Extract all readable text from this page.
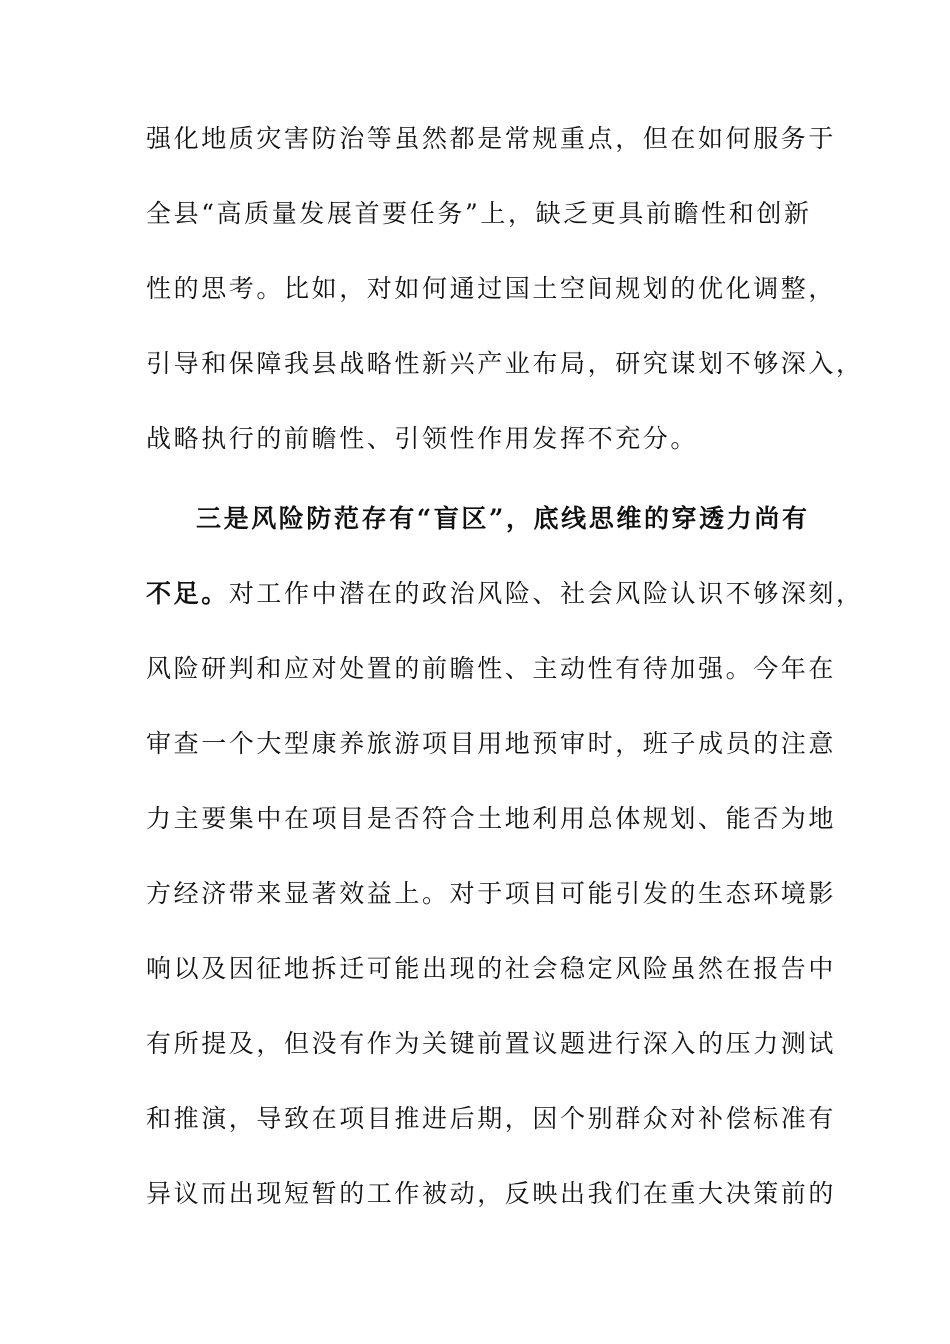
强化地质灾害防治等虽然都是常规重点，但在如何服务于
全县“高质量发展首要任务”上，缺乏更具前瞻性和创新
性的思考。比如，对如何通过国土空间规划的优化调整，
引导和保障我县战略性新兴产业布局，研究谋划不够深入，
战略执行的前瞻性、引领性作用发挥不充分。
三是风险防范存有“盲区”，底线思维的穿透力尚有
不足。对工作中潜在的政治风险、社会风险认识不够深刻，
风险研判和应对处置的前瞻性、主动性有待加强。今年在
审查一个大型康养旅游项目用地预审时，班子成员的注意
力主要集中在项目是否符合土地利用总体规划、能否为地
方经济带来显著效益上。对于项目可能引发的生态环境影
响以及因征地拆迁可能出现的社会稳定风险虽然在报告中
有所提及，但没有作为关键前置议题进行深入的压力测试
和推演，导致在项目推进后期，因个别群众对补偿标准有
异议而出现短暂的工作被动，反映出我们在重大决策前的
